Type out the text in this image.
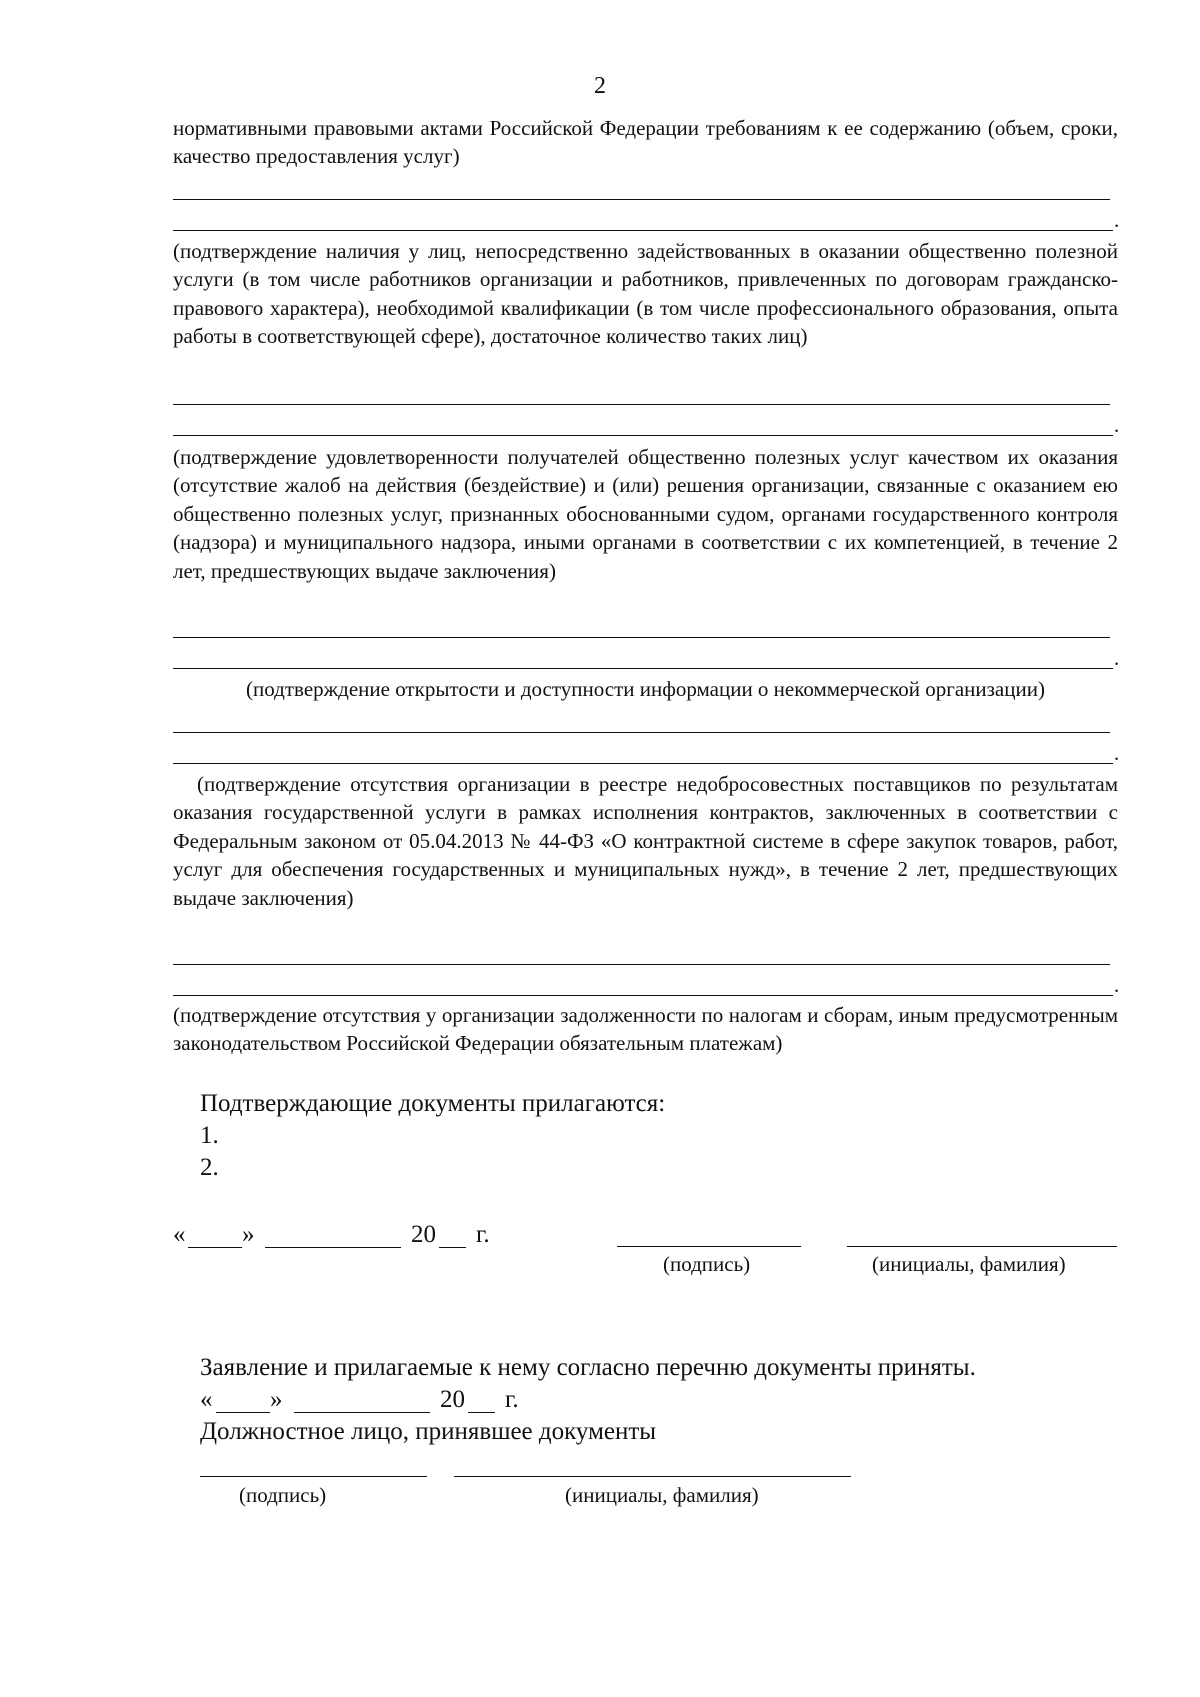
2
нормативными правовыми актами Российской Федерации требованиям к ее содержанию (объем, сроки, качество предоставления услуг)
.
(подтверждение наличия у лиц, непосредственно задействованных в оказании общественно полезной услуги (в том числе работников организации и работников, привлеченных по договорам гражданско-правового характера), необходимой квалификации (в том числе профессионального образования, опыта работы в соответствующей сфере), достаточное количество таких лиц)
.
(подтверждение удовлетворенности получателей общественно полезных услуг качеством их оказания (отсутствие жалоб на действия (бездействие) и (или) решения организации, связанные с оказанием ею общественно полезных услуг, признанных обоснованными судом, органами государственного контроля (надзора) и муниципального надзора, иными органами в соответствии с их компетенцией, в течение 2 лет, предшествующих выдаче заключения)
.
(подтверждение открытости и доступности информации о некоммерческой организации)
.
(подтверждение отсутствия организации в реестре недобросовестных поставщиков по результатам оказания государственной услуги в рамках исполнения контрактов, заключенных в соответствии с Федеральным законом от 05.04.2013 № 44-ФЗ «О контрактной системе в сфере закупок товаров, работ, услуг для обеспечения государственных и муниципальных нужд», в течение 2 лет, предшествующих выдаче заключения)
.
(подтверждение отсутствия у организации задолженности по налогам и сборам, иным предусмотренным законодательством Российской Федерации обязательным платежам)
Подтверждающие документы прилагаются:
1.
2.
« »	20 г.
(подпись)	(инициалы, фамилия)
Заявление и прилагаемые к нему согласно перечню документы приняты.
« »	20 г.
Должностное лицо, принявшее документы
(подпись)	(инициалы, фамилия)
